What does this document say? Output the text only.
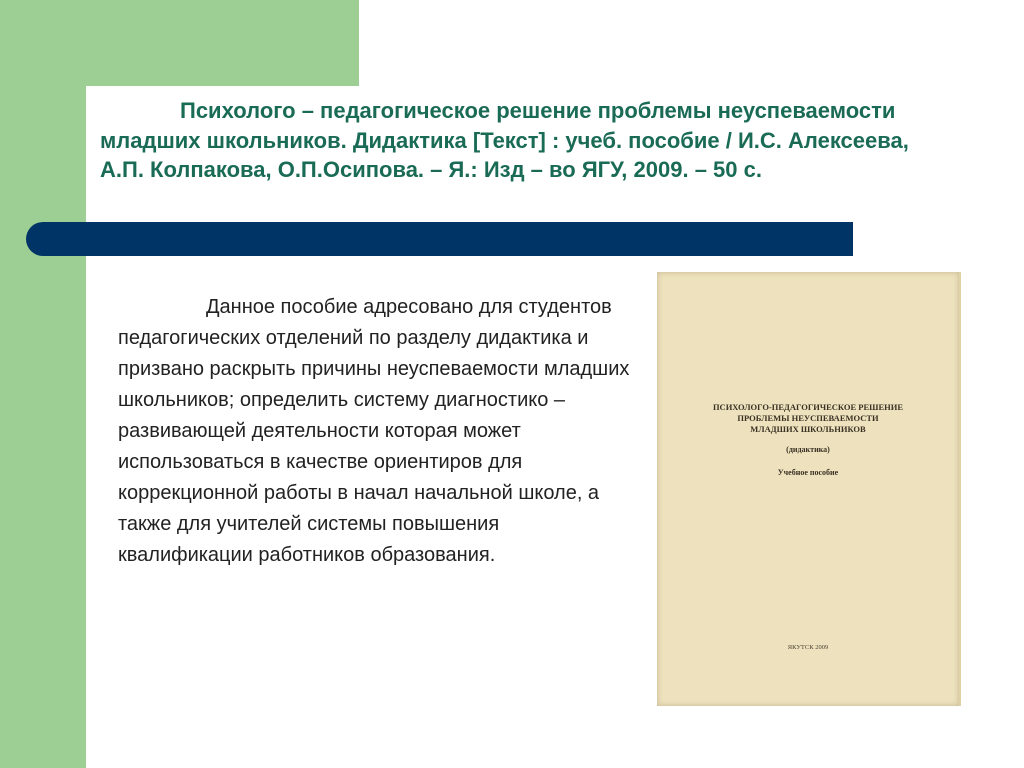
Психолого – педагогическое решение проблемы неуспеваемости младших школьников. Дидактика [Текст] : учеб. пособие / И.С. Алексеева, А.П. Колпакова, О.П.Осипова. – Я.: Изд – во ЯГУ, 2009. – 50 с.

Данное пособие адресовано для студентов педагогических отделений по разделу дидактика и призвано раскрыть причины неуспеваемости младших школьников; определить систему диагностико – развивающей деятельности которая может использоваться в качестве ориентиров для коррекционной работы в начал начальной школе, а также для учителей системы повышения квалификации работников образования.

ПСИХОЛОГО-ПЕДАГОГИЧЕСКОЕ РЕШЕНИЕ
ПРОБЛЕМЫ НЕУСПЕВАЕМОСТИ
МЛАДШИХ ШКОЛЬНИКОВ
(дидактика)
Учебное пособие
ЯКУТСК 2009
